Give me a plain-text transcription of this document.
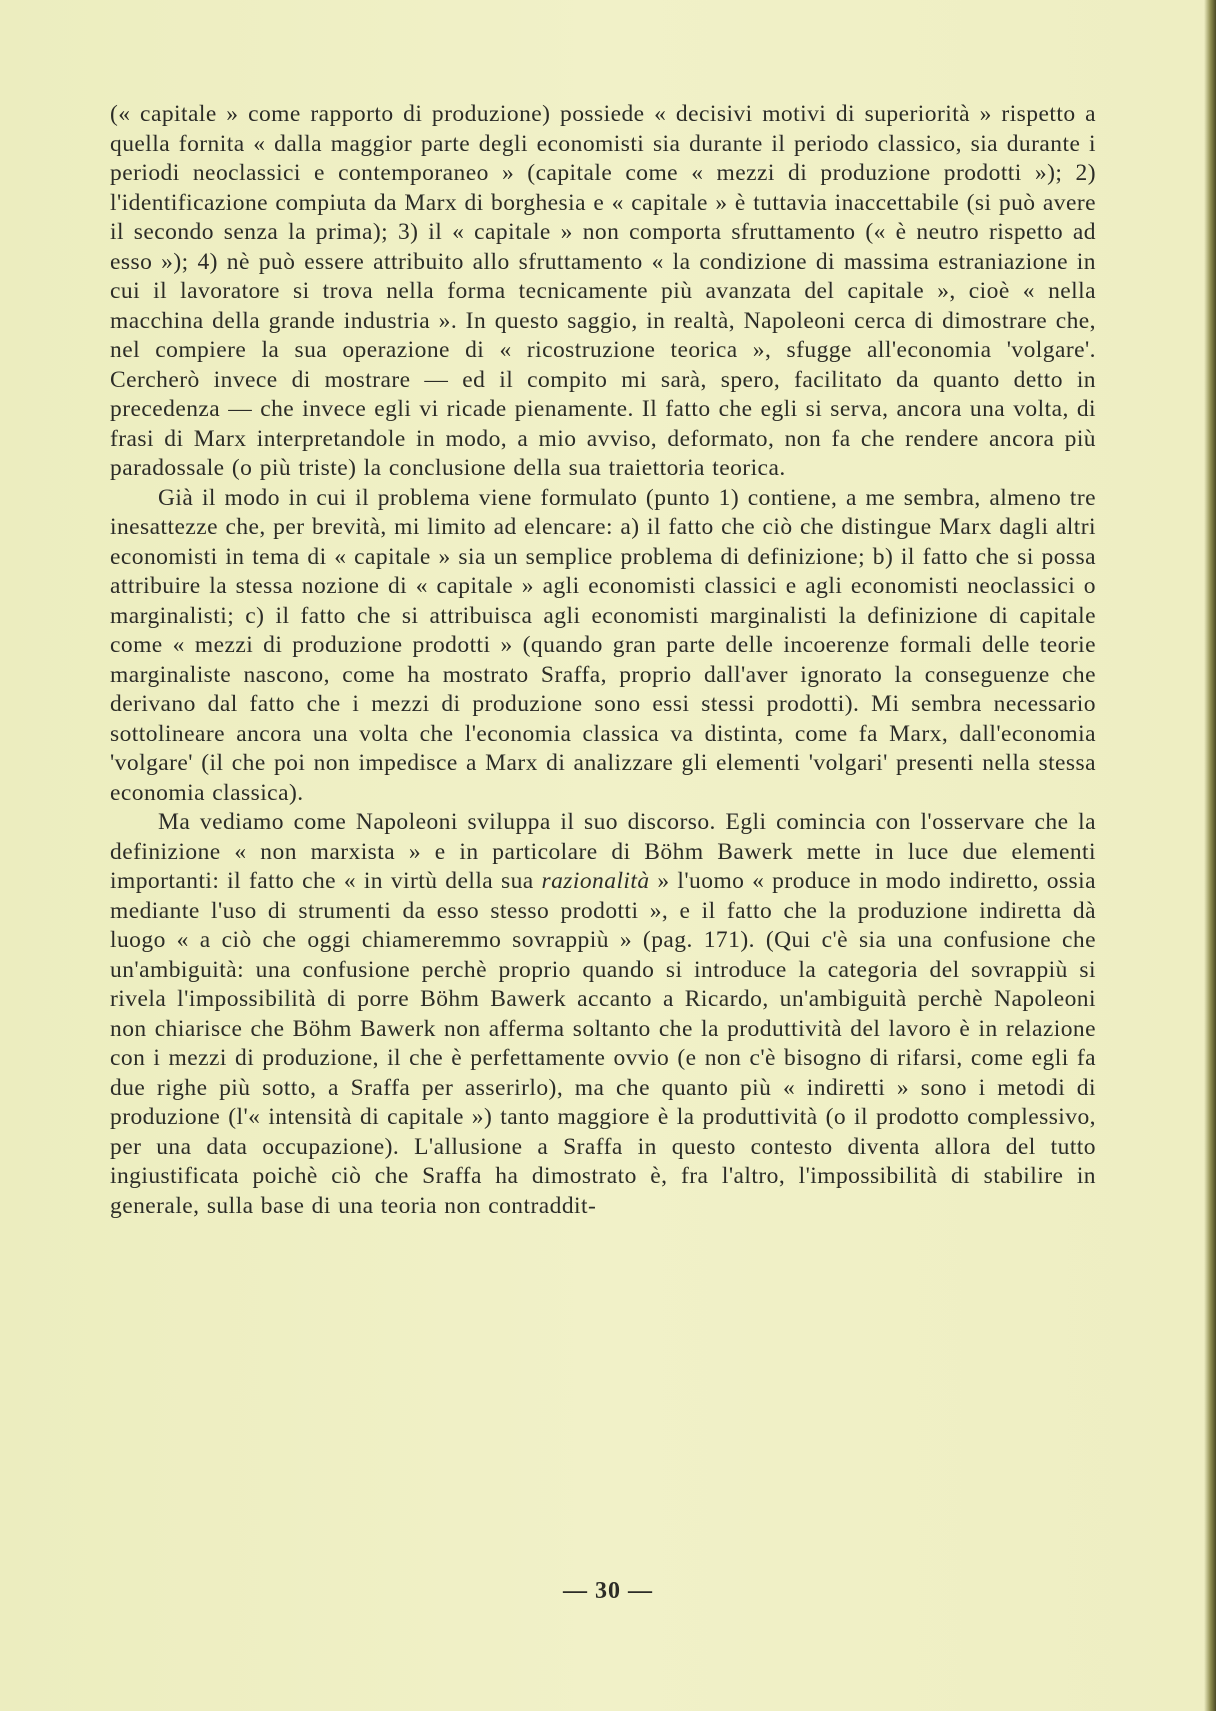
(« capitale » come rapporto di produzione) possiede « decisivi motivi di superiorità » rispetto a quella fornita « dalla maggior parte degli economisti sia durante il periodo classico, sia durante i periodi neoclassici e contemporaneo » (capitale come « mezzi di produzione prodotti »); 2) l'identificazione compiuta da Marx di borghesia e « capitale » è tuttavia inaccettabile (si può avere il secondo senza la prima); 3) il « capitale » non comporta sfruttamento (« è neutro rispetto ad esso »); 4) nè può essere attribuito allo sfruttamento « la condizione di massima estraniazione in cui il lavoratore si trova nella forma tecnicamente più avanzata del capitale », cioè « nella macchina della grande industria ». In questo saggio, in realtà, Napoleoni cerca di dimostrare che, nel compiere la sua operazione di « ricostruzione teorica », sfugge all'economia 'volgare'. Cercherò invece di mostrare — ed il compito mi sarà, spero, facilitato da quanto detto in precedenza — che invece egli vi ricade pienamente. Il fatto che egli si serva, ancora una volta, di frasi di Marx interpretandole in modo, a mio avviso, deformato, non fa che rendere ancora più paradossale (o più triste) la conclusione della sua traiettoria teorica.

Già il modo in cui il problema viene formulato (punto 1) contiene, a me sembra, almeno tre inesattezze che, per brevità, mi limito ad elencare: a) il fatto che ciò che distingue Marx dagli altri economisti in tema di « capitale » sia un semplice problema di definizione; b) il fatto che si possa attribuire la stessa nozione di « capitale » agli economisti classici e agli economisti neoclassici o marginalisti; c) il fatto che si attribuisca agli economisti marginalisti la definizione di capitale come « mezzi di produzione prodotti » (quando gran parte delle incoerenze formali delle teorie marginaliste nascono, come ha mostrato Sraffa, proprio dall'aver ignorato la conseguenze che derivano dal fatto che i mezzi di produzione sono essi stessi prodotti). Mi sembra necessario sottolineare ancora una volta che l'economia classica va distinta, come fa Marx, dall'economia 'volgare' (il che poi non impedisce a Marx di analizzare gli elementi 'volgari' presenti nella stessa economia classica).

Ma vediamo come Napoleoni sviluppa il suo discorso. Egli comincia con l'osservare che la definizione « non marxista » e in particolare di Böhm Bawerk mette in luce due elementi importanti: il fatto che « in virtù della sua razionalità » l'uomo « produce in modo indiretto, ossia mediante l'uso di strumenti da esso stesso prodotti », e il fatto che la produzione indiretta dà luogo « a ciò che oggi chiameremmo sovrappiù » (pag. 171). (Qui c'è sia una confusione che un'ambiguità: una confusione perchè proprio quando si introduce la categoria del sovrappiù si rivela l'impossibilità di porre Böhm Bawerk accanto a Ricardo, un'ambiguità perchè Napoleoni non chiarisce che Böhm Bawerk non afferma soltanto che la produttività del lavoro è in relazione con i mezzi di produzione, il che è perfettamente ovvio (e non c'è bisogno di rifarsi, come egli fa due righe più sotto, a Sraffa per asserirlo), ma che quanto più « indiretti » sono i metodi di produzione (l'« intensità di capitale ») tanto maggiore è la produttività (o il prodotto complessivo, per una data occupazione). L'allusione a Sraffa in questo contesto diventa allora del tutto ingiustificata poichè ciò che Sraffa ha dimostrato è, fra l'altro, l'impossibilità di stabilire in generale, sulla base di una teoria non contraddit-

— 30 —
